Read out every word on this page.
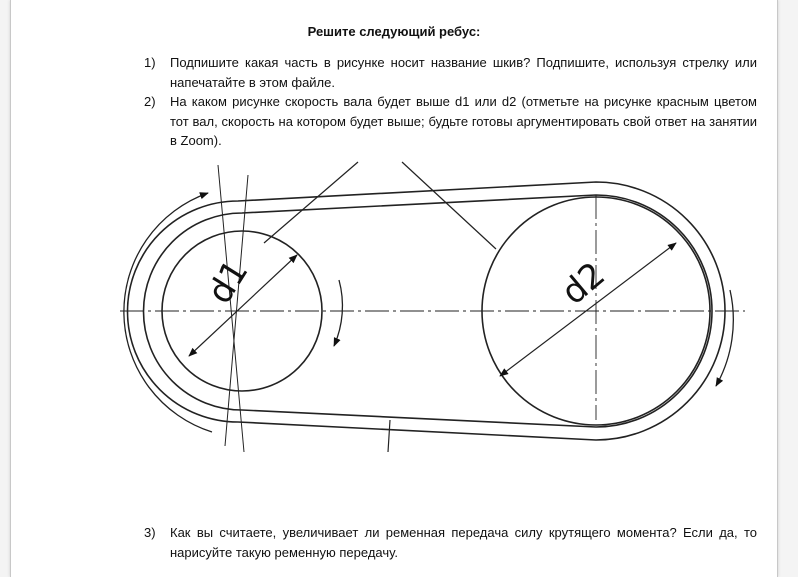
Решите следующий ребус:
1) Подпишите какая часть в рисунке носит название шкив? Подпишите, используя стрелку или напечатайте в этом файле.
2) На каком рисунке скорость вала будет выше d1 или d2 (отметьте на рисунке красным цветом тот вал, скорость на котором будет выше; будьте готовы аргументировать свой ответ на занятии в Zoom).
3) Как вы считаете, увеличивает ли ременная передача силу крутящего момента? Если да, то нарисуйте такую ременную передачу.
d1	d2
